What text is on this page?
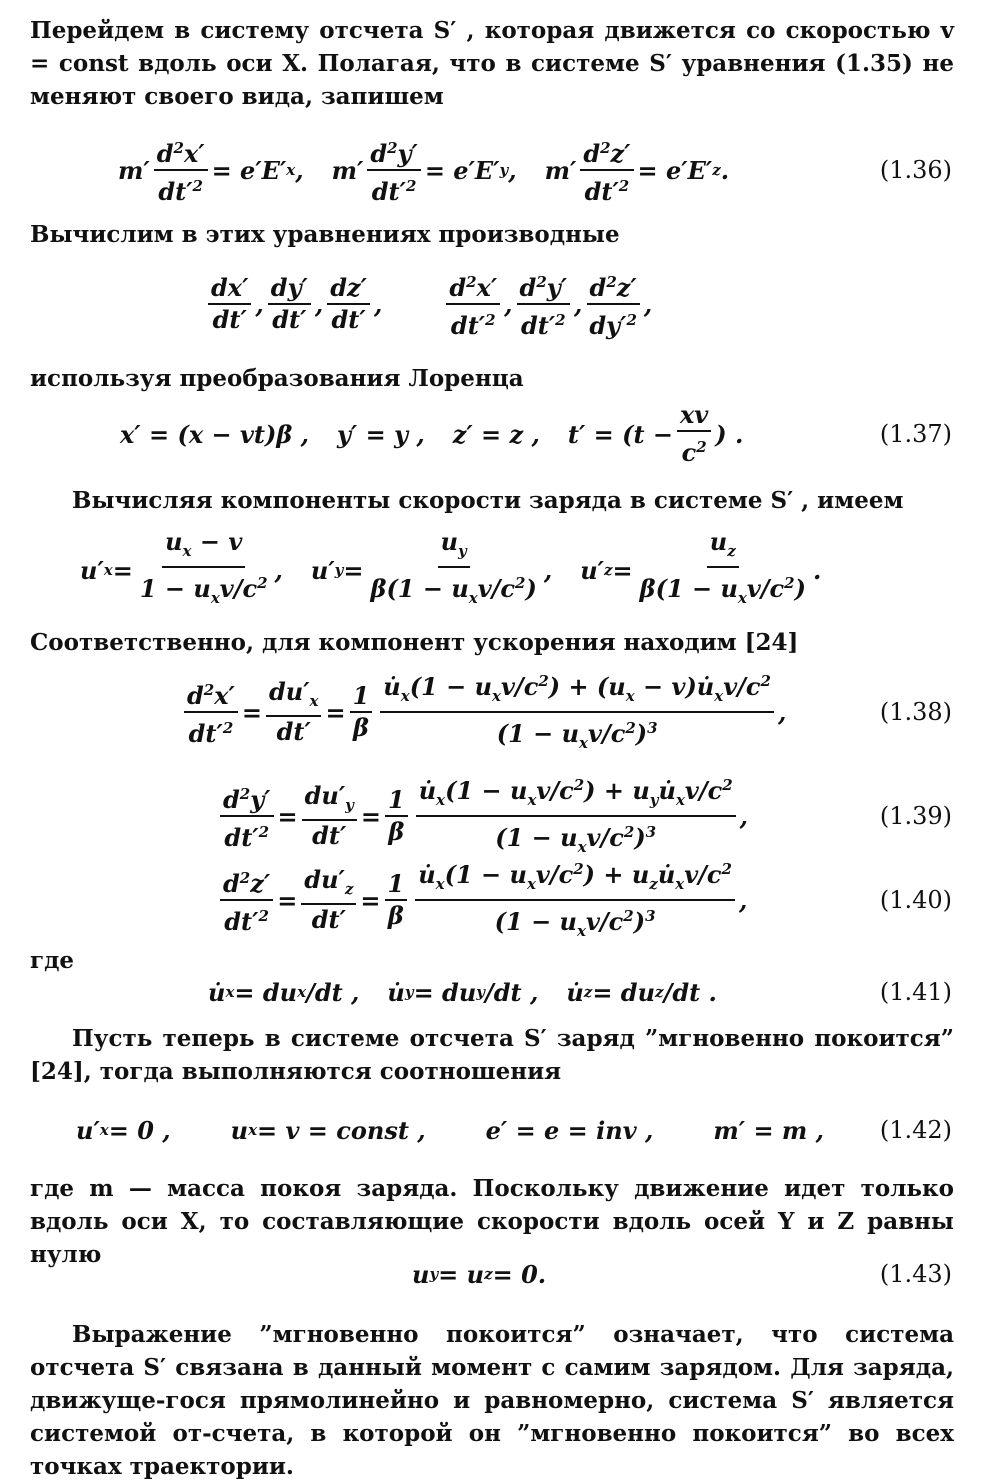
Перейдем в систему отсчета S′ , которая движется со скоростью v = const вдоль оси X. Полагая, что в системе S′ уравнения (1.35) не меняют своего вида, запишем
$m' \frac{d^2x'}{dt'^2} = e'E'$ x ,
$m' \frac{d^2y'}{dt'^2} = e'E'$ y ,
$m' \frac{d^2z'}{dt'^2} = e'E'$ z .	(1.36)
Вычислим в этих уравнениях производные
$\frac{dx'}{dt'}$ , $\frac{dy'}{dt'}$ , $\frac{dz'}{dt'}$ ,	$\frac{d^2x'}{dt'^2}$ , $\frac{d^2y'}{dt'^2}$ , $\frac{d^2z'}{dy'^2}$ ,
используя преобразования Лоренца
x′ = (x − vt)β ,
y′ = y ,
z′ = z ,
$t' = (t - \frac{xv}{c^2}$ ) .	(1.37)
Вычисляя компоненты скорости заряда в системе S′ , имеем
u′ $x = \frac{u_x - v}{1 - u_xv/c^2}$ ,
u′ $y = \frac{u_y}{\beta(1 - u_xv/c^2)}$ ,
u′ $z = \frac{u_z}{\beta(1 - u_xv/c^2)}$ .
Соответственно, для компонент ускорения находим [24]
$\frac{d^2x'}{dt'^2} = \frac{du'_x}{dt'} = \frac{1}{\beta} \frac{u̇_x(1 - u_xv/c^2) + (u_x - v)u̇_xv/c^2}{(1 - u_xv/c^2)^3}$ ,	(1.38)
$\frac{d^2y'}{dt'^2} = \frac{du'_y}{dt'} = \frac{1}{\beta} \frac{u̇_x(1 - u_xv/c^2) + u_yu̇_xv/c^2}{(1 - u_xv/c^2)^3}$ ,	(1.39)
$\frac{d^2z'}{dt'^2} = \frac{du'_z}{dt'} = \frac{1}{\beta} \frac{u̇_x(1 - u_xv/c^2) + u_zu̇_xv/c^2}{(1 - u_xv/c^2)^3}$ ,	(1.40)
где
u̇ x = du x /dt ,
u̇ y = du y /dt ,
u̇ z = du z /dt .	(1.41)
Пусть теперь в системе отсчета S′ заряд ”мгновенно покоится” [24], тогда выполняются соотношения
u′ x = 0 ,	u x = v = const ,	e′ = e = inv ,	m′ = m , (1.42)
где m — масса покоя заряда. Поскольку движение идет только вдоль оси X, то составляющие скорости вдоль осей Y и Z равны нулю
u y = u z = 0.	(1.43)
Выражение ”мгновенно покоится” означает, что система отсчета S′ связана в данный момент с самим зарядом. Для заряда, движуще-гося прямолинейно и равномерно, система S′ является системой от-счета, в которой он ”мгновенно покоится” во всех точках траектории.
